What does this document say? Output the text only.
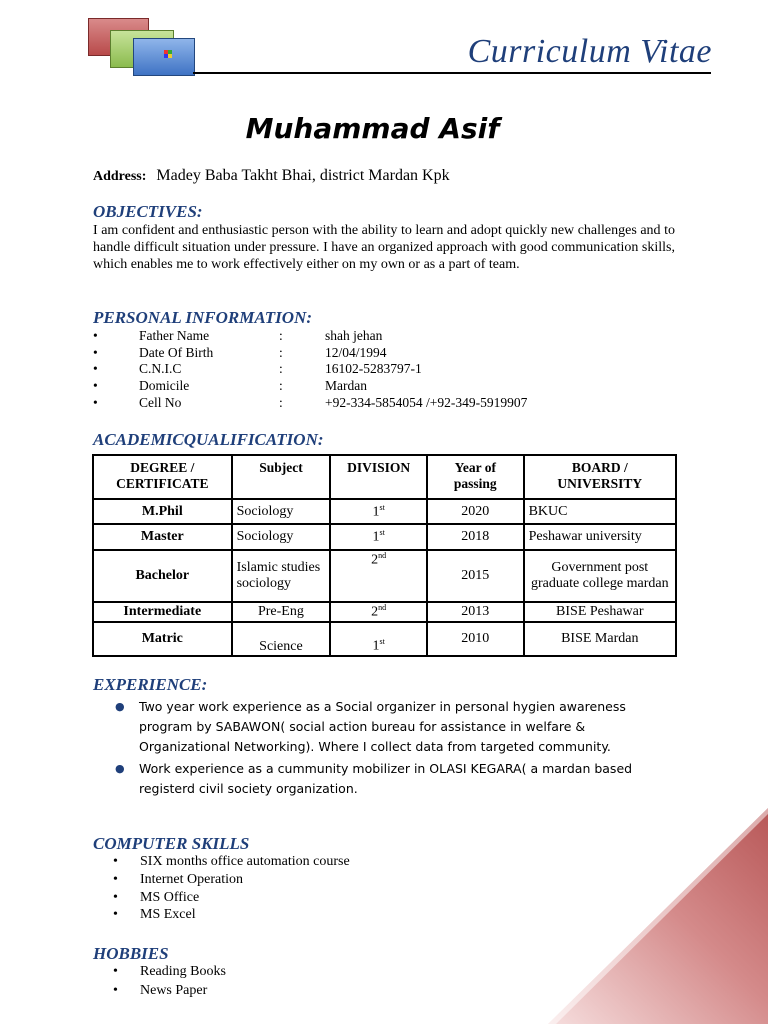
Curriculum Vitae
Muhammad Asif
Address: Madey Baba Takht Bhai, district Mardan Kpk
OBJECTIVES:
I am confident and enthusiastic person with the ability to learn and adopt quickly new challenges and to handle difficult situation under pressure. I have an organized approach with good communication skills, which enables me to work effectively either on my own or as a part of team.
PERSONAL INFORMATION:
•	Father Name	:	shah jehan
•	Date Of Birth	:	12/04/1994
•	C.N.I.C	:	16102-5283797-1
•	Domicile	:	Mardan
•	Cell No	:	+92-334-5854054 /+92-349-5919907
ACADEMICQUALIFICATION:
DEGREE / CERTIFICATE	Subject	DIVISION	Year of passing	BOARD / UNIVERSITY
M.Phil	Sociology	1st	2020	BKUC
Master	Sociology	1st	2018	Peshawar university
Bachelor	Islamic studies sociology	2nd	2015	Government post graduate college mardan
Intermediate	Pre-Eng	2nd	2013	BISE Peshawar
Matric	Science	1st	2010	BISE Mardan
EXPERIENCE:
● Two year work experience as a Social organizer in personal hygien awareness program by SABAWON( social action bureau for assistance in welfare & Organizational Networking). Where I collect data from targeted community.
● Work experience as a cummunity mobilizer in OLASI KEGARA( a mardan based registerd civil society organization.
COMPUTER SKILLS
• SIX months office automation course
• Internet Operation
• MS Office
• MS Excel
HOBBIES
• Reading Books
• News Paper
